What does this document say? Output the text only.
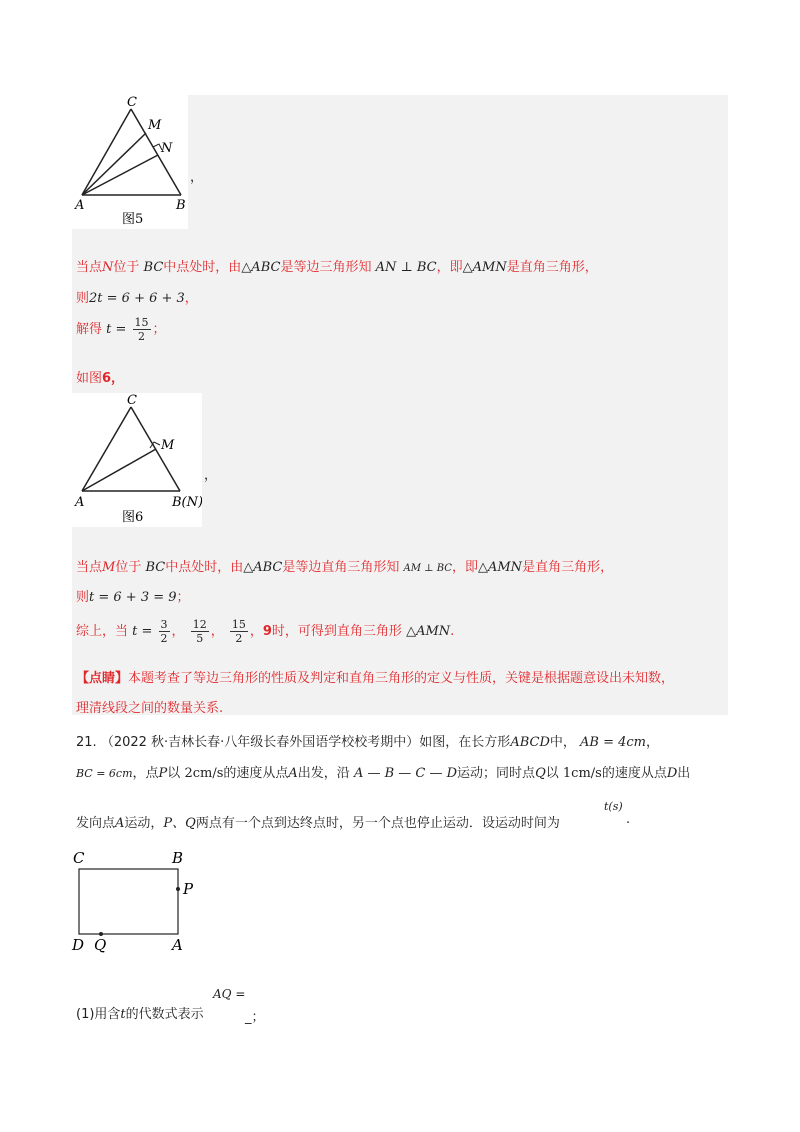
C
M
N
A	B
图5
，
当点N位于 BC中点处时，由△ABC是等边三角形知 AN ⊥ BC，即△AMN是直角三角形，
则2t = 6 + 6 + 3，
解得 $t = \frac{15}{2}$ ；
如图6，
C
M
A	B(N)
图6
，
当点M位于 BC中点处时，由△ABC是等边直角三角形知 AM ⊥ BC，即△AMN是直角三角形，
则t = 6 + 3 = 9；
综上，当 $t = \frac{3}{2}$ ， $\frac{12}{5}$ ， $\frac{15}{2}$ ，9时，可得到直角三角形 △AMN.
【点睛】本题考查了等边三角形的性质及判定和直角三角形的定义与性质，关键是根据题意设出未知数，
理清线段之间的数量关系.
21. （2022 秋·吉林长春·八年级长春外国语学校校考期中）如图，在长方形ABCD中， AB = 4cm，
BC = 6cm，点P以 2cm/s的速度从点A出发，沿 A — B — C — D运动；同时点Q以 1cm/s的速度从点D出
发向点A运动，P、Q两点有一个点到达终点时，另一个点也停止运动．设运动时间为
t(s)
.
C	B
P
D Q	A
(1)用含t的代数式表示
AQ =
_；
